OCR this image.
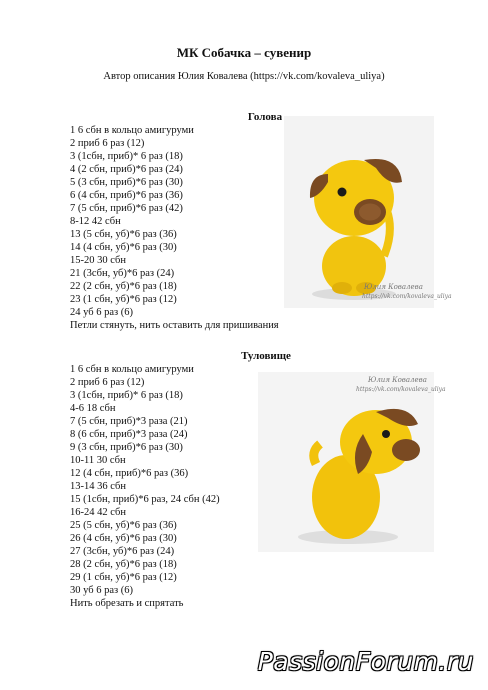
МК Собачка – сувенир
Автор описания Юлия Ковалева (https://vk.com/kovaleva_uliya)
Голова
1 6 сбн в кольцо амигуруми
2 приб 6 раз (12)
3 (1сбн, приб)* 6 раз (18)
4 (2 сбн, приб)*6 раз (24)
5 (3 сбн, приб)*6 раз (30)
6 (4 сбн, приб)*6 раз (36)
7 (5 сбн, приб)*6 раз (42)
8-12 42 сбн
13 (5 сбн, уб)*6 раз (36)
14 (4 сбн, уб)*6 раз (30)
15-20 30 сбн
21 (3сбн, уб)*6 раз (24)
22 (2 сбн, уб)*6 раз (18)
23 (1 сбн, уб)*6 раз (12)
24 уб 6 раз (6)
Петли стянуть, нить оставить для пришивания
Юлия Ковалева
https://vk.com/kovaleva_uliya
Туловище
1 6 сбн в кольцо амигуруми
2 приб 6 раз (12)
3 (1сбн, приб)* 6 раз (18)
4-6 18 сбн
7 (5 сбн, приб)*3 раза (21)
8 (6 сбн, приб)*3 раза (24)
9 (3 сбн, приб)*6 раз (30)
10-11 30 сбн
12 (4 сбн, приб)*6 раз (36)
13-14 36 сбн
15 (1сбн, приб)*6 раз, 24 сбн (42)
16-24 42 сбн
25 (5 сбн, уб)*6 раз (36)
26 (4 сбн, уб)*6 раз (30)
27 (3сбн, уб)*6 раз (24)
28 (2 сбн, уб)*6 раз (18)
29 (1 сбн, уб)*6 раз (12)
30 уб 6 раз (6)
Нить обрезать и спрятать
Юлия Ковалева
https://vk.com/kovaleva_uliya
PassionForum.ru
